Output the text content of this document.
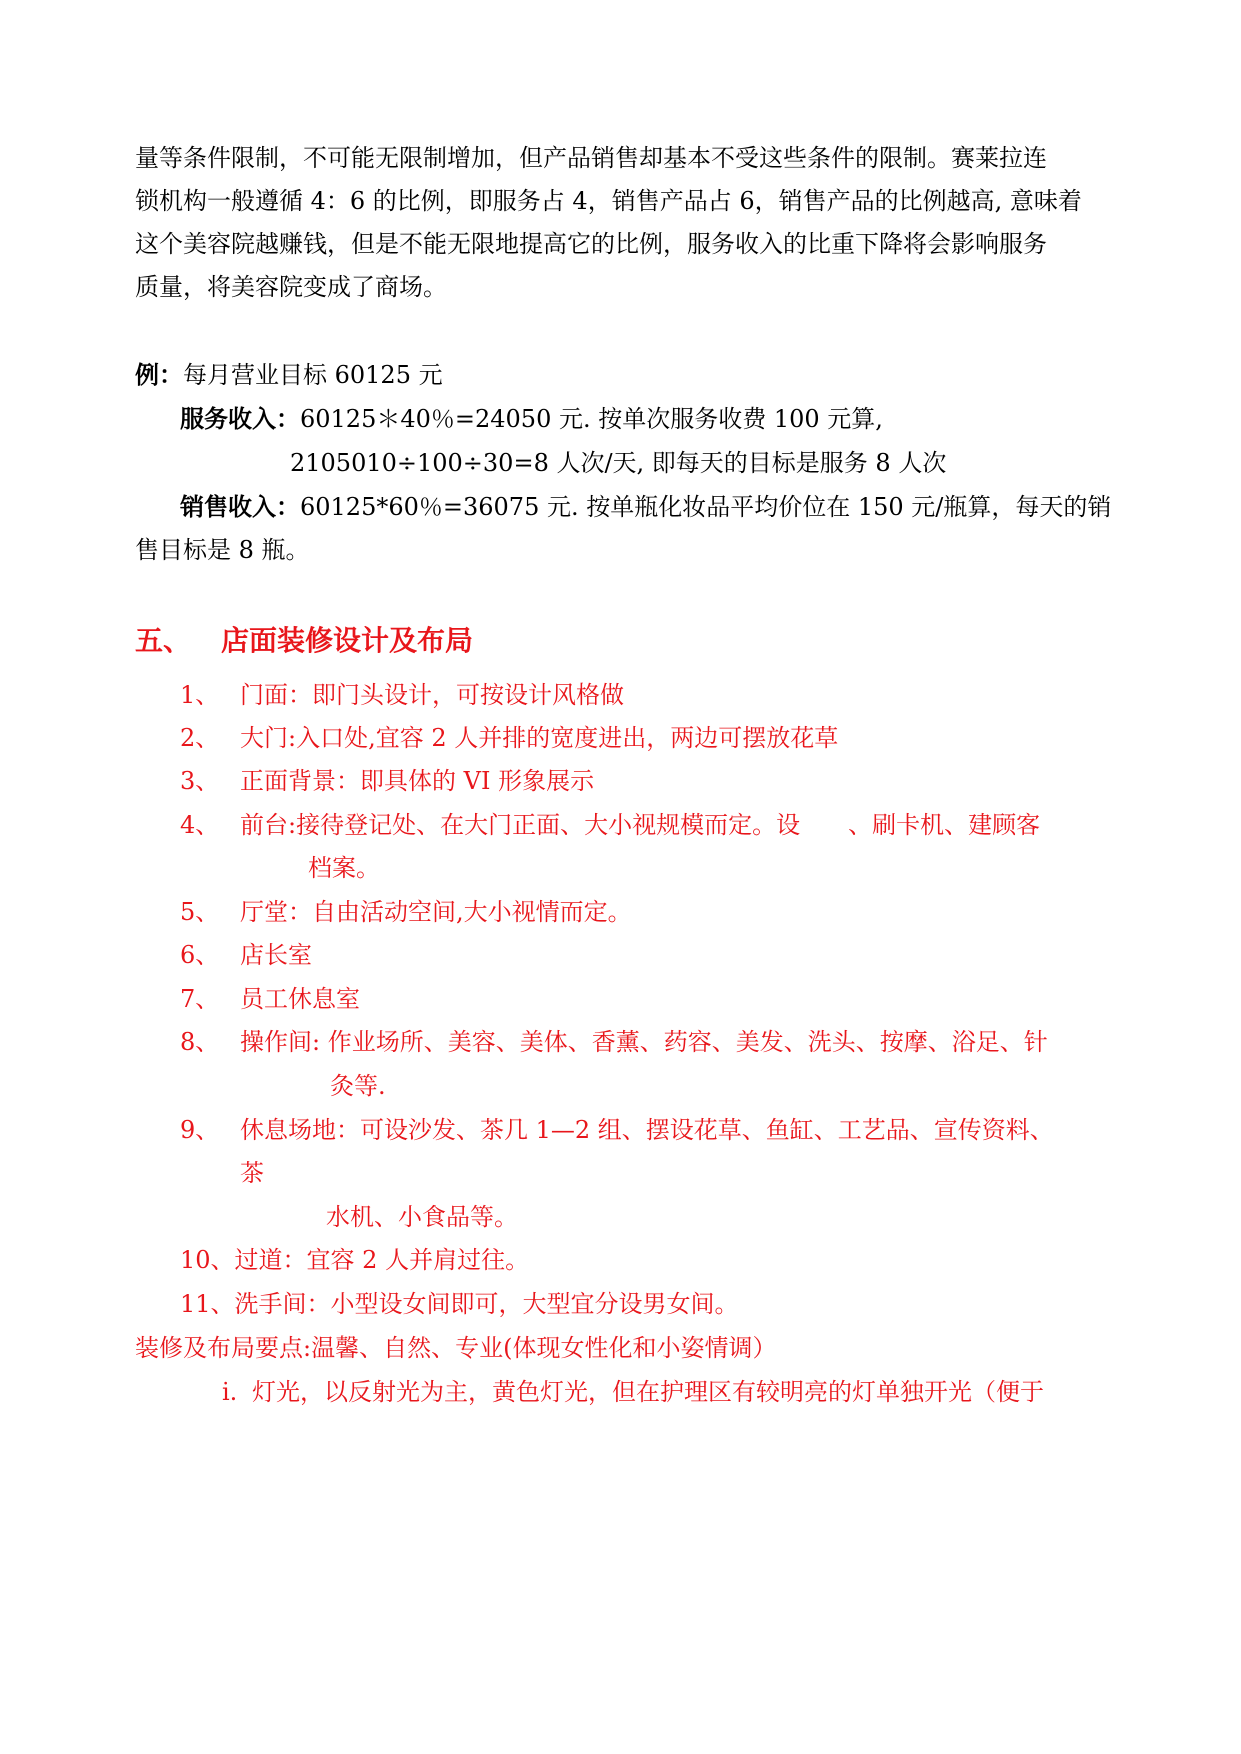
量等条件限制，不可能无限制增加，但产品销售却基本不受这些条件的限制。赛莱拉连
锁机构一般遵循 4：6 的比例，即服务占 4，销售产品占 6，销售产品的比例越高, 意味着
这个美容院越赚钱，但是不能无限地提高它的比例，服务收入的比重下降将会影响服务
质量，将美容院变成了商场。
例：每月营业目标 60125 元
服务收入：60125＊40％=24050 元. 按单次服务收费 100 元算,
2105010÷100÷30=8 人次/天, 即每天的目标是服务 8 人次
销售收入：60125*60％=36075 元. 按单瓶化妆品平均价位在 150 元/瓶算，每天的销
售目标是 8 瓶。
五、 店面装修设计及布局
1、 门面：即门头设计，可按设计风格做
2、 大门:入口处,宜容 2 人并排的宽度进出，两边可摆放花草
3、 正面背景：即具体的 VI 形象展示
4、 前台:接待登记处、在大门正面、大小视规模而定。设　　、刷卡机、建顾客
档案。
5、 厅堂：自由活动空间,大小视情而定。
6、 店长室
7、 员工休息室
8、 操作间: 作业场所、美容、美体、香薰、药容、美发、洗头、按摩、浴足、针
灸等.
9、 休息场地：可设沙发、茶几 1—2 组、摆设花草、鱼缸、工艺品、宣传资料、
茶
水机、小食品等。
10、过道：宜容 2 人并肩过往。
11、洗手间：小型设女间即可，大型宜分设男女间。
装修及布局要点:温馨、自然、专业(体现女性化和小姿情调）
i. 灯光，以反射光为主，黄色灯光，但在护理区有较明亮的灯单独开光（便于
